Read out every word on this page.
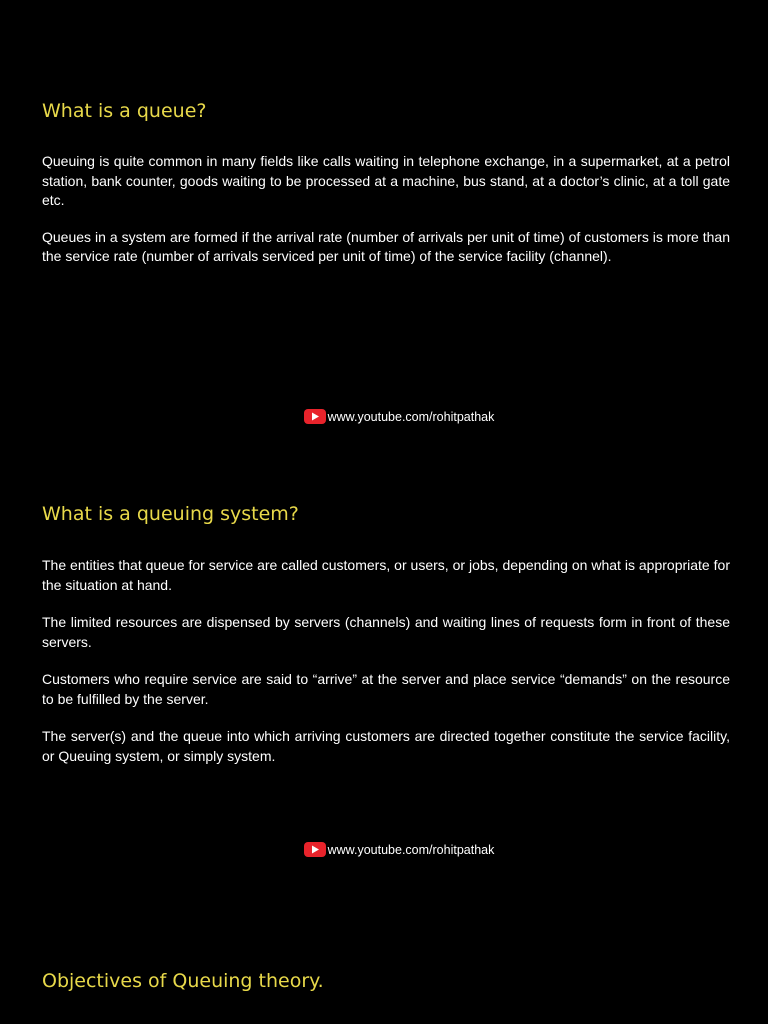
What is a queue?

Queuing is quite common in many fields like calls waiting in telephone exchange, in a supermarket, at a petrol station, bank counter, goods waiting to be processed at a machine, bus stand, at a doctor’s clinic, at a toll gate etc.

Queues in a system are formed if the arrival rate (number of arrivals per unit of time) of customers is more than the service rate (number of arrivals serviced per unit of time) of the service facility (channel).

www.youtube.com/rohitpathak
What is a queuing system?

The entities that queue for service are called customers, or users, or jobs, depending on what is appropriate for the situation at hand.

The limited resources are dispensed by servers (channels) and waiting lines of requests form in front of these servers.

Customers who require service are said to “arrive” at the server and place service “demands” on the resource to be fulfilled by the server.

The server(s) and the queue into which arriving customers are directed together constitute the service facility, or Queuing system, or simply system.

www.youtube.com/rohitpathak
Objectives of Queuing theory.
